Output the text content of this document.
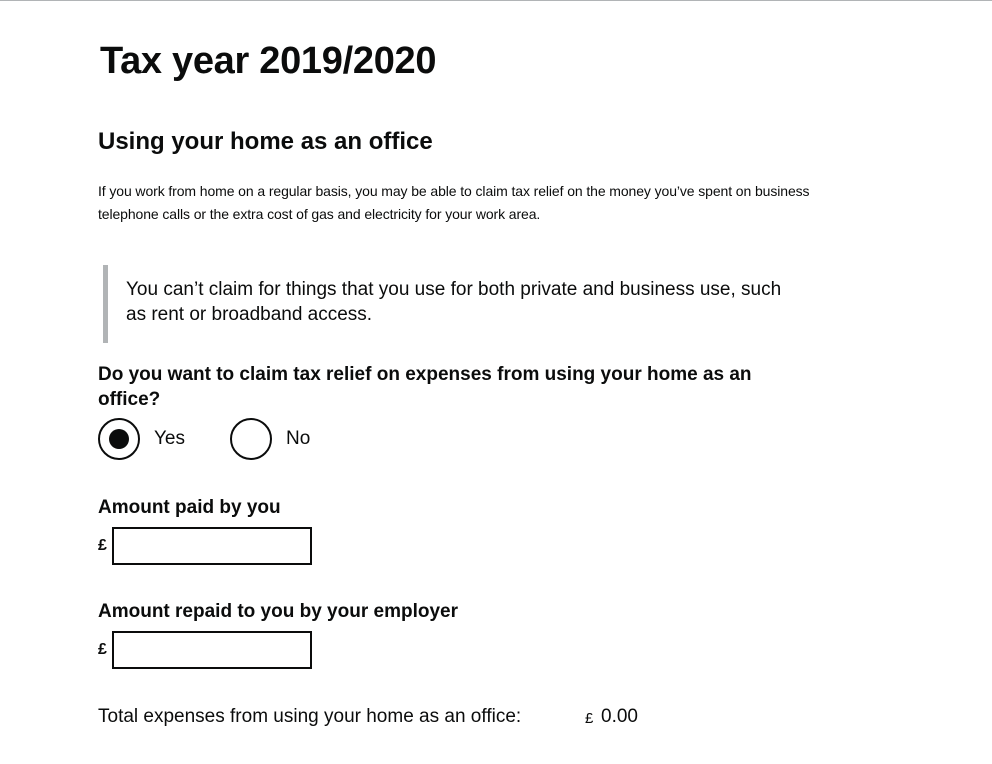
Tax year 2019/2020
Using your home as an office

If you work from home on a regular basis, you may be able to claim tax relief on the money you’ve spent on business telephone calls or the extra cost of gas and electricity for your work area.

You can’t claim for things that you use for both private and business use, such as rent or broadband access.

Do you want to claim tax relief on expenses from using your home as an office?

Yes	No

Amount paid by you

£

Amount repaid to you by your employer

£
Total expenses from using your home as an office:	£ 0.00
